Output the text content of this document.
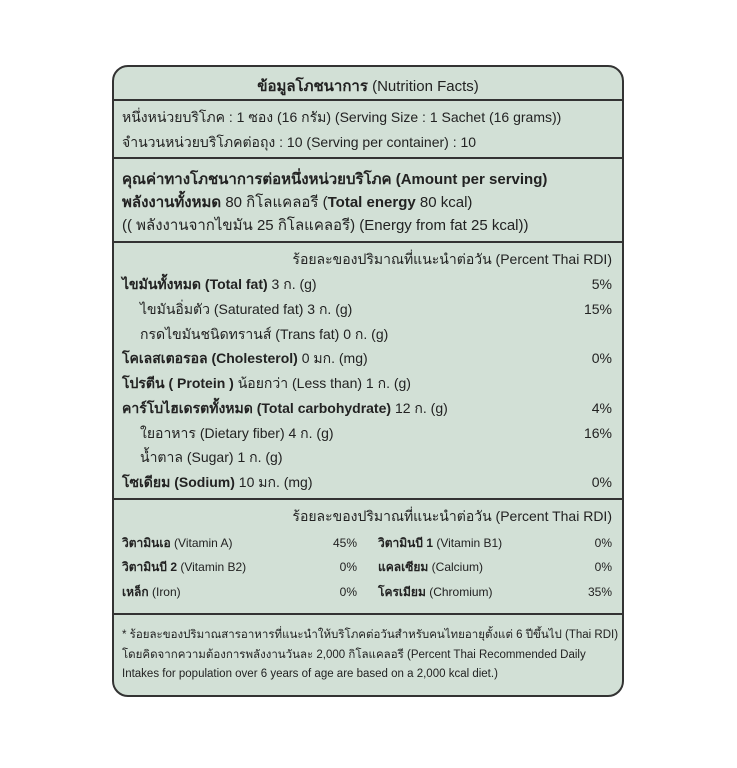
ข้อมูลโภชนาการ (Nutrition Facts)
หนึ่งหน่วยบริโภค : 1 ซอง (16 กรัม) (Serving Size : 1 Sachet (16 grams))
จำนวนหน่วยบริโภคต่อถุง : 10 (Serving per container) : 10
คุณค่าทางโภชนาการต่อหนึ่งหน่วยบริโภค (Amount per serving)
พลังงานทั้งหมด 80 กิโลแคลอรี (Total energy 80 kcal)
(( พลังงานจากไขมัน 25 กิโลแคลอรี) (Energy from fat 25 kcal))
ร้อยละของปริมาณที่แนะนำต่อวัน (Percent Thai RDI)
ไขมันทั้งหมด (Total fat) 3 ก. (g)	5%
ไขมันอิ่มตัว (Saturated fat) 3 ก. (g)	15%
กรดไขมันชนิดทรานส์ (Trans fat) 0 ก. (g)
โคเลสเตอรอล (Cholesterol) 0 มก. (mg)	0%
โปรตีน ( Protein ) น้อยกว่า (Less than) 1 ก. (g)
คาร์โบไฮเดรตทั้งหมด (Total carbohydrate) 12 ก. (g)	4%
ใยอาหาร (Dietary fiber) 4 ก. (g)	16%
น้ำตาล (Sugar) 1 ก. (g)
โซเดียม (Sodium) 10 มก. (mg)	0%
ร้อยละของปริมาณที่แนะนำต่อวัน (Percent Thai RDI)
วิตามินเอ (Vitamin A)	45% วิตามินบี 1 (Vitamin B1)	0%
วิตามินบี 2 (Vitamin B2)	0% แคลเซียม (Calcium)	0%
เหล็ก (Iron)	0% โครเมียม (Chromium)	35%
* ร้อยละของปริมาณสารอาหารที่แนะนำให้บริโภคต่อวันสำหรับคนไทยอายุตั้งแต่ 6 ปีขึ้นไป (Thai RDI)
โดยคิดจากความต้องการพลังงานวันละ 2,000 กิโลแคลอรี (Percent Thai Recommended Daily
Intakes for population over 6 years of age are based on a 2,000 kcal diet.)
